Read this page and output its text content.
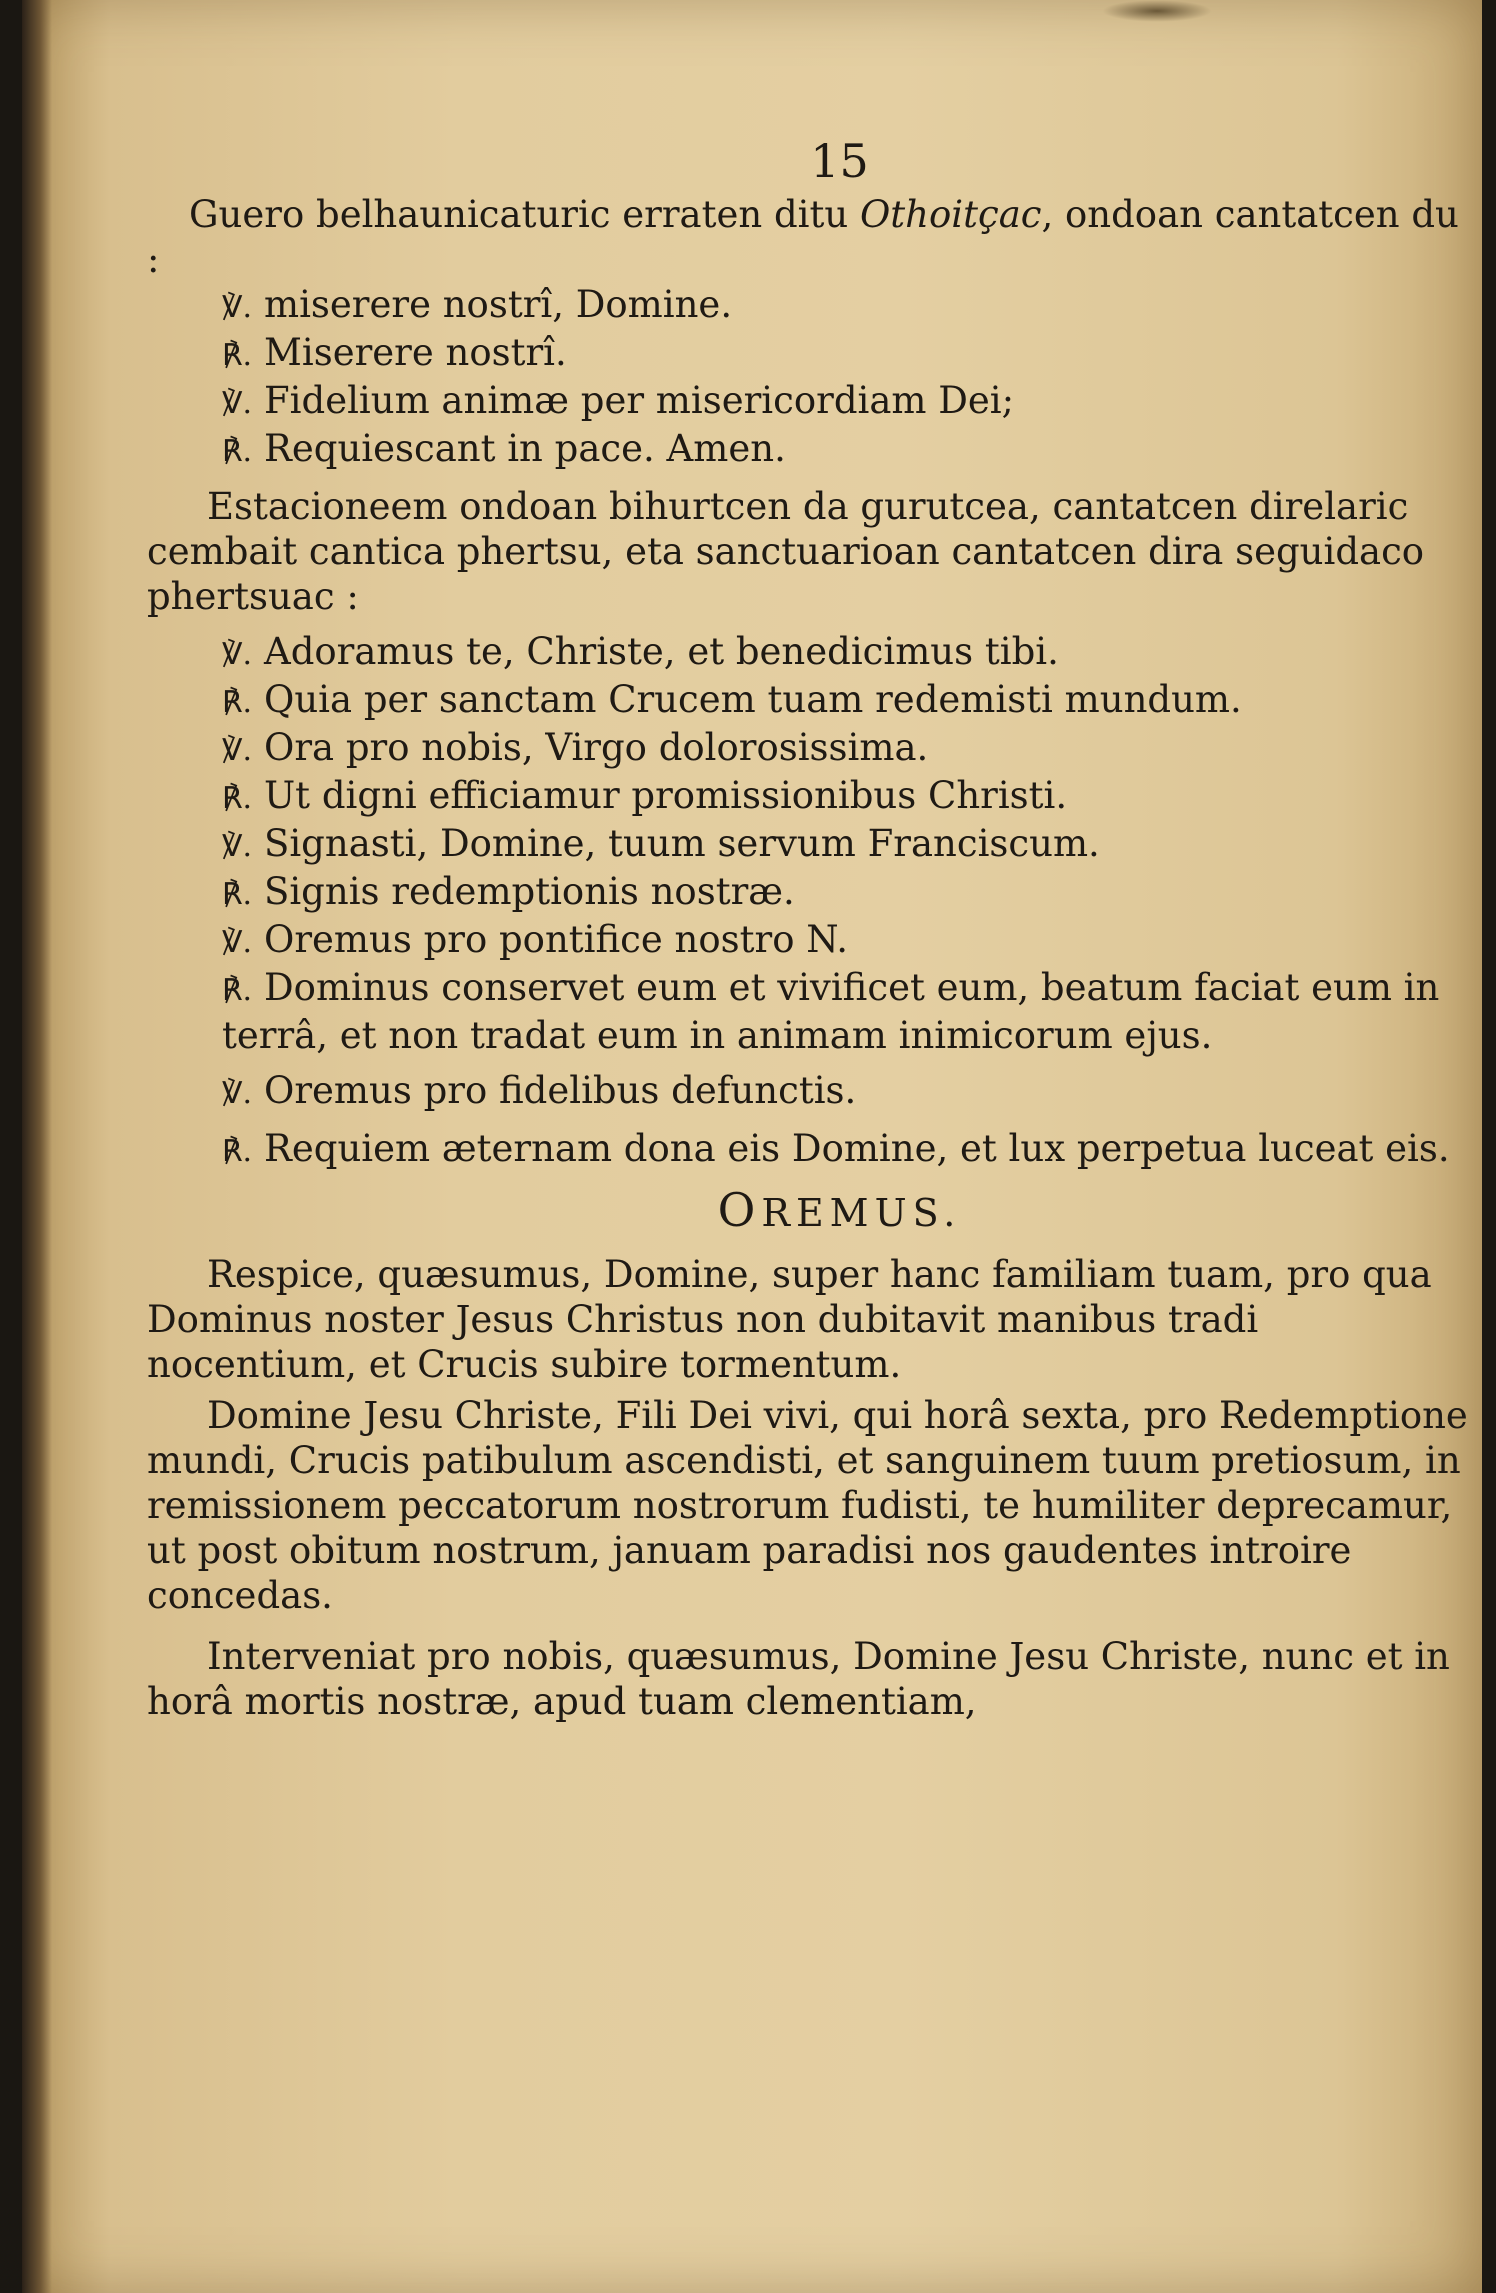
15

Guero belhaunicaturic erraten ditu Othoitçac, ondoan cantatcen du :

℣. miserere nostrî, Domine.

℟. Miserere nostrî.

℣. Fidelium animæ per misericordiam Dei;

℟. Requiescant in pace. Amen.

Estacioneem ondoan bihurtcen da gurutcea, cantatcen direlaric cembait cantica phertsu, eta sanctuarioan cantatcen dira seguidaco phertsuac :

℣. Adoramus te, Christe, et benedicimus tibi.

℟. Quia per sanctam Crucem tuam redemisti mundum.

℣. Ora pro nobis, Virgo dolorosissima.

℟. Ut digni efficiamur promissionibus Christi.

℣. Signasti, Domine, tuum servum Franciscum.

℟. Signis redemptionis nostræ.

℣. Oremus pro pontifice nostro N.

℟. Dominus conservet eum et vivificet eum, beatum faciat eum in terrâ, et non tradat eum in animam inimicorum ejus.

℣. Oremus pro fidelibus defunctis.

℟. Requiem æternam dona eis Domine, et lux perpetua luceat eis.

OREMUS.

Respice, quæsumus, Domine, super hanc familiam tuam, pro qua Dominus noster Jesus Christus non dubitavit manibus tradi nocentium, et Crucis subire tormentum.

Domine Jesu Christe, Fili Dei vivi, qui horâ sexta, pro Redemptione mundi, Crucis patibulum ascendisti, et sanguinem tuum pretiosum, in remissionem peccatorum nostrorum fudisti, te humiliter deprecamur, ut post obitum nostrum, januam paradisi nos gaudentes introire concedas.

Interveniat pro nobis, quæsumus, Domine Jesu Christe, nunc et in horâ mortis nostræ, apud tuam clementiam,
